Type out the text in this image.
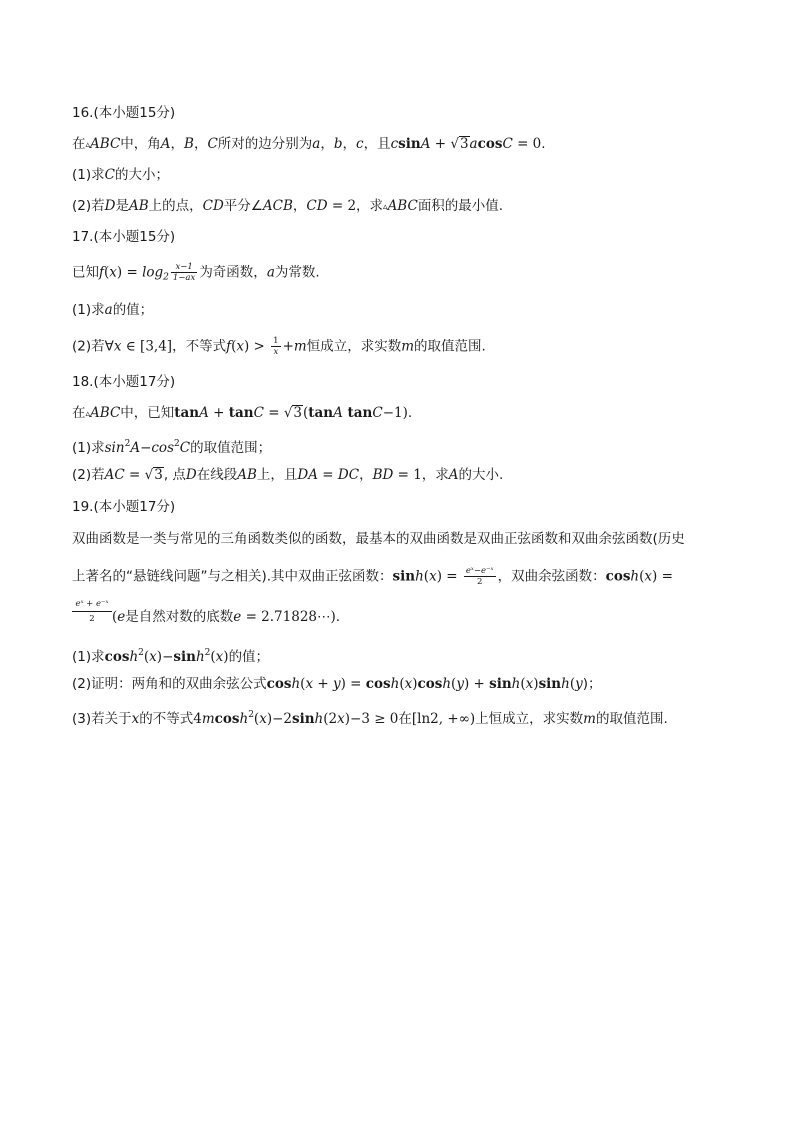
16.(本小题15分)
在▵ABC中，角A，B，C所对的边分别为a，b，c，且csinA + √3acosC = 0.
(1)求C的大小；
(2)若D是AB上的点，CD平分∠ACB，CD = 2，求▵ABC面积的最小值.
17.(本小题15分)
已知$f(x) = \log_2 \frac{x-1}{1-ax}$ 为奇函数，a为常数.
(1)求a的值；
(2)若∀x ∈ [3,4]，不等式$f(x) > \frac{1}{x} +m$恒成立，求实数m的取值范围.
18.(本小题17分)
在▵ABC中，已知tanA + tanC = √3(tanA tanC−1).
(1)求$\sin^2A-\cos^2C$的取值范围；
(2)若AC = √3, 点D在线段AB上，且DA = DC，BD = 1，求A的大小.
19.(本小题17分)
双曲函数是一类与常见的三角函数类似的函数，最基本的双曲函数是双曲正弦函数和双曲余弦函数(历史
上著名的“悬链线问题”与之相关).其中双曲正弦函数：$\sinh(x) = \frac{\text{eˣ−e⁻ˣ}}{2}$ ，双曲余弦函数：cosh(x) =
$\frac{\text{eˣ + e⁻ˣ}}{2} (e$是自然对数的底数e = 2.71828⋯).
(1)求$\cosh^2(x)-\sinh^2(x)$的值；
(2)证明：两角和的双曲余弦公式cosh(x + y) = cosh(x)cosh(y) + sinh(x)sinh(y)；
(3)若关于x的不等式4mcosh$^2$(x)−2sinh(2x)−3 ≥ 0在[ln2, +∞)上恒成立，求实数m的取值范围.
